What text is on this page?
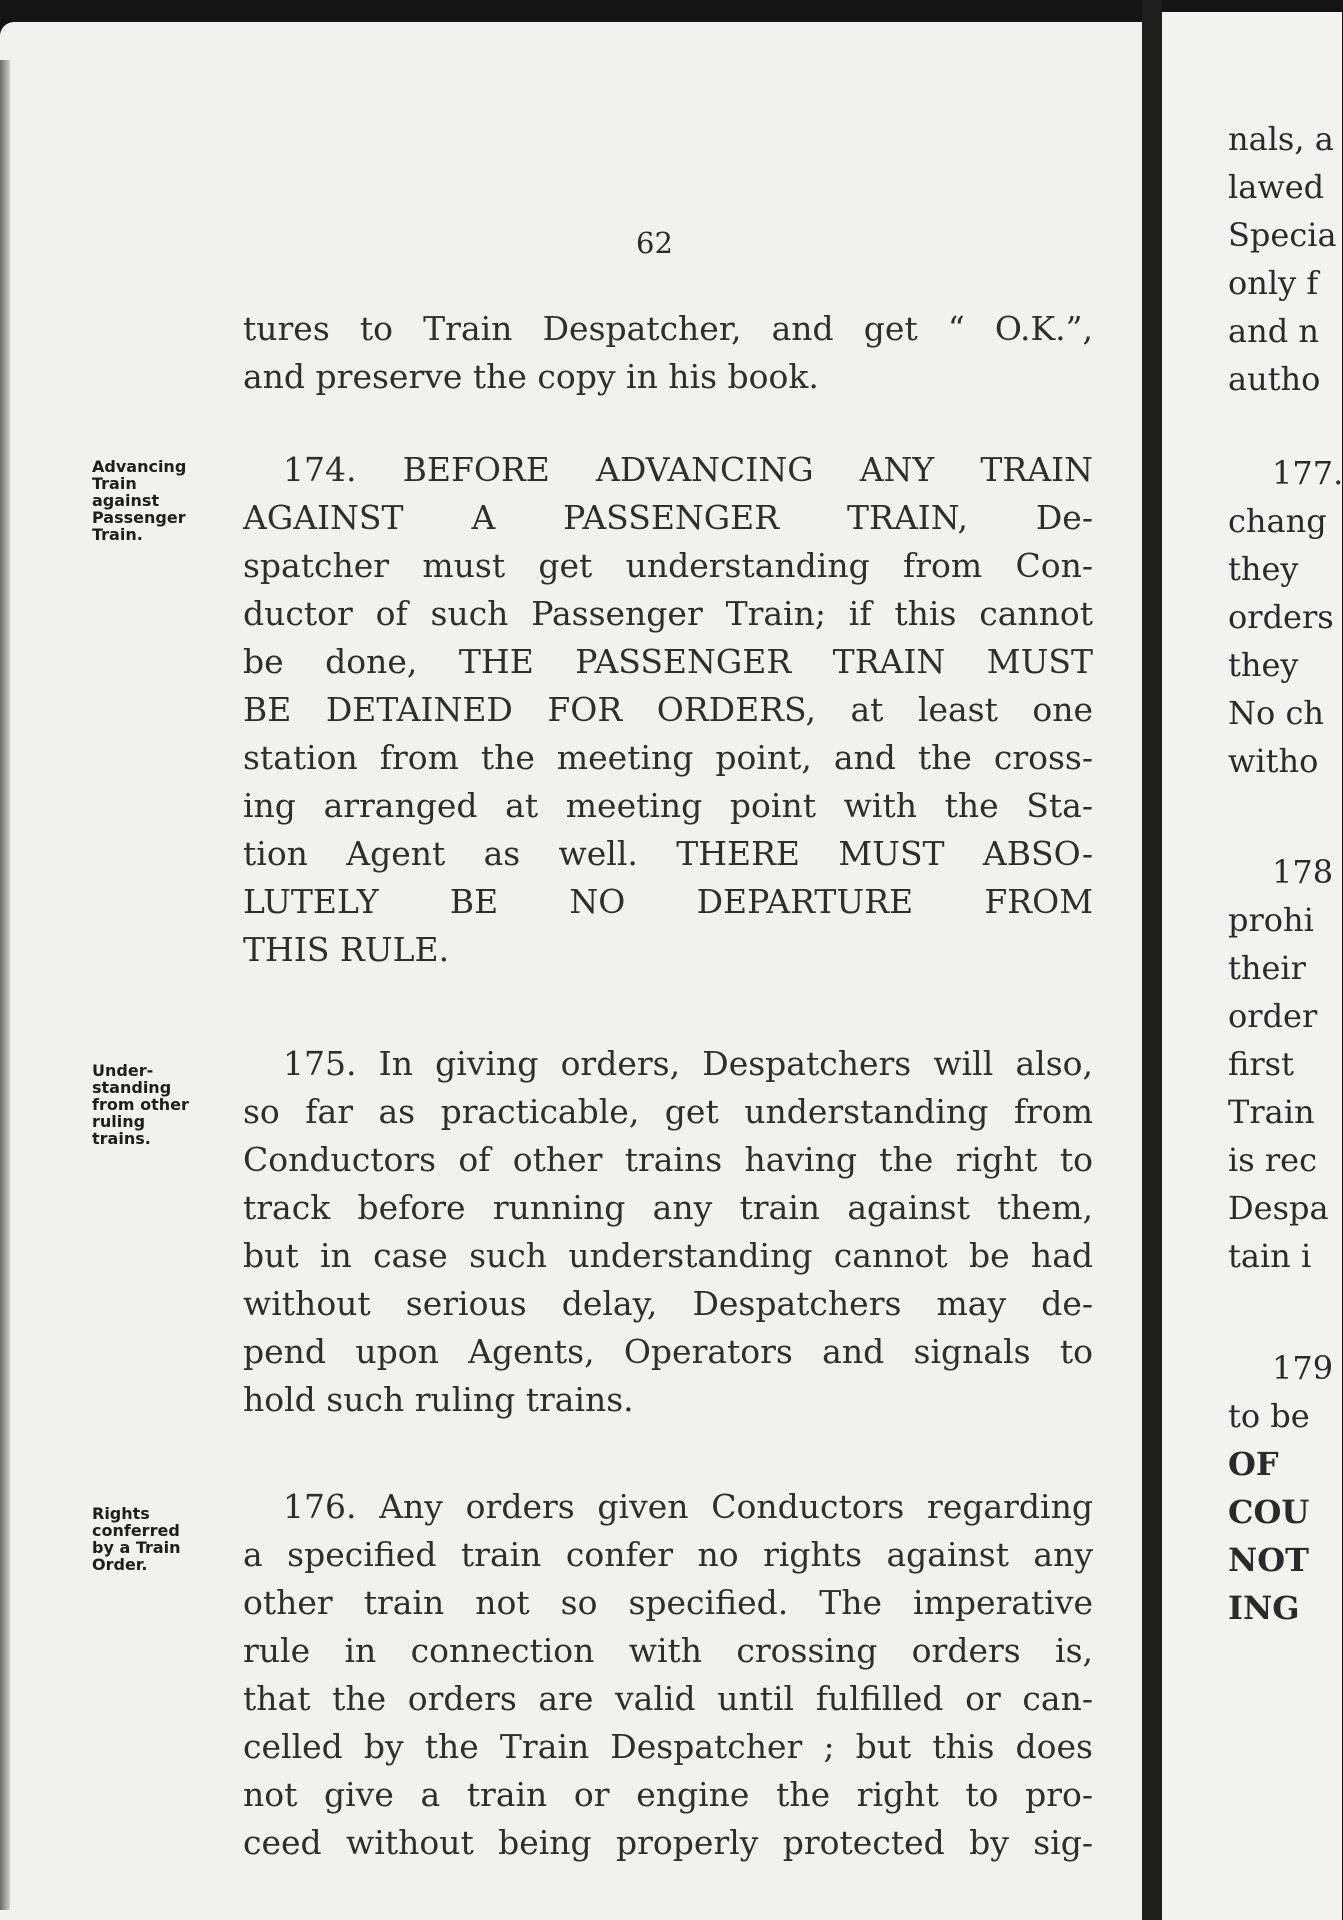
62
tures to Train Despatcher, and get “ O.K.”,
and preserve the copy in his book.
174. BEFORE ADVANCING ANY TRAIN
AGAINST A PASSENGER TRAIN, De-
spatcher must get understanding from Con-
ductor of such Passenger Train; if this cannot
be done, THE PASSENGER TRAIN MUST
BE DETAINED FOR ORDERS, at least one
station from the meeting point, and the cross-
ing arranged at meeting point with the Sta-
tion Agent as well. THERE MUST ABSO-
LUTELY BE NO DEPARTURE FROM
THIS RULE.
175. In giving orders, Despatchers will also,
so far as practicable, get understanding from
Conductors of other trains having the right to
track before running any train against them,
but in case such understanding cannot be had
without serious delay, Despatchers may de-
pend upon Agents, Operators and signals to
hold such ruling trains.
176. Any orders given Conductors regarding
a specified train confer no rights against any
other train not so specified. The imperative
rule in connection with crossing orders is,
that the orders are valid until fulfilled or can-
celled by the Train Despatcher ; but this does
not give a train or engine the right to pro-
ceed without being properly protected by sig-
Advancing
Train
against
Passenger
Train.
Under-
standing
from other
ruling
trains.
Rights
conferred
by a Train
Order.
nals, a
lawed
Specia
only f
and n
autho
177.
chang
they
orders
they
No ch
witho
178
prohi
their
order
first
Train
is rec
Despa
tain i
179
to be
OF
COU
NOT
ING
